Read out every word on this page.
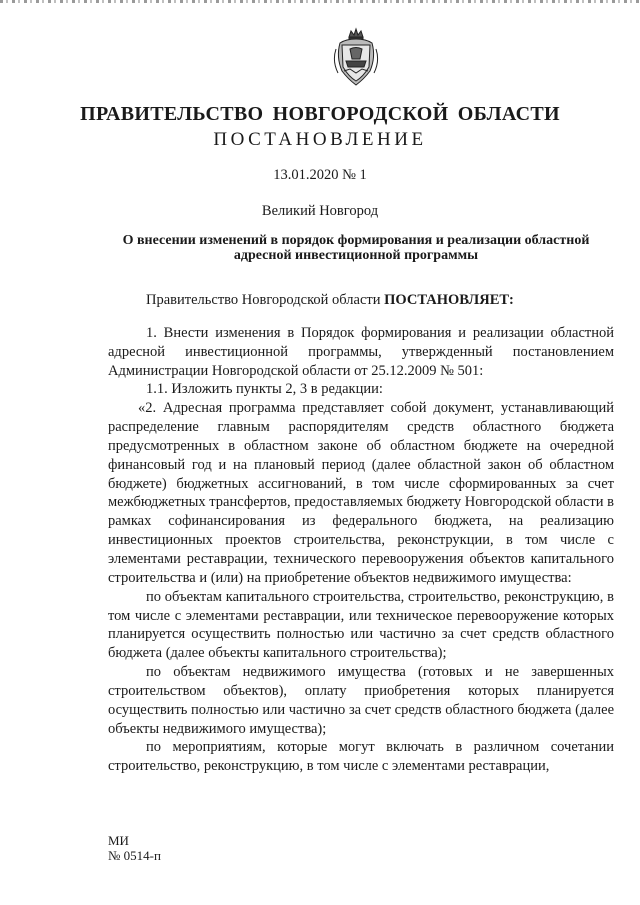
ПРАВИТЕЛЬСТВО НОВГОРОДСКОЙ ОБЛАСТИ
ПОСТАНОВЛЕНИЕ
13.01.2020 № 1
Великий Новгород
О внесении изменений в порядок формирования и реализации областной адресной инвестиционной программы

Правительство Новгородской области ПОСТАНОВЛЯЕТ:

1. Внести изменения в Порядок формирования и реализации областной адресной инвестиционной программы, утвержденный постановлением Администрации Новгородской области от 25.12.2009 № 501:

1.1. Изложить пункты 2, 3 в редакции:

«2. Адресная программа представляет собой документ, устанавливающий распределение главным распорядителям средств областного бюджета предусмотренных в областном законе об областном бюджете на очередной финансовый год и на плановый период (далее областной закон об областном бюджете) бюджетных ассигнований, в том числе сформированных за счет межбюджетных трансфертов, предоставляемых бюджету Новгородской области в рамках софинансирования из федерального бюджета, на реализацию инвестиционных проектов строительства, реконструкции, в том числе с элементами реставрации, технического перевооружения объектов капитального строительства и (или) на приобретение объектов недвижимого имущества:

по объектам капитального строительства, строительство, реконструкцию, в том числе с элементами реставрации, или техническое перевооружение которых планируется осуществить полностью или частично за счет средств областного бюджета (далее объекты капитального строительства);

по объектам недвижимого имущества (готовых и не завершенных строительством объектов), оплату приобретения которых планируется осуществить полностью или частично за счет средств областного бюджета (далее объекты недвижимого имущества);

по мероприятиям, которые могут включать в различном сочетании строительство, реконструкцию, в том числе с элементами реставрации,

МИ
№ 0514-п
